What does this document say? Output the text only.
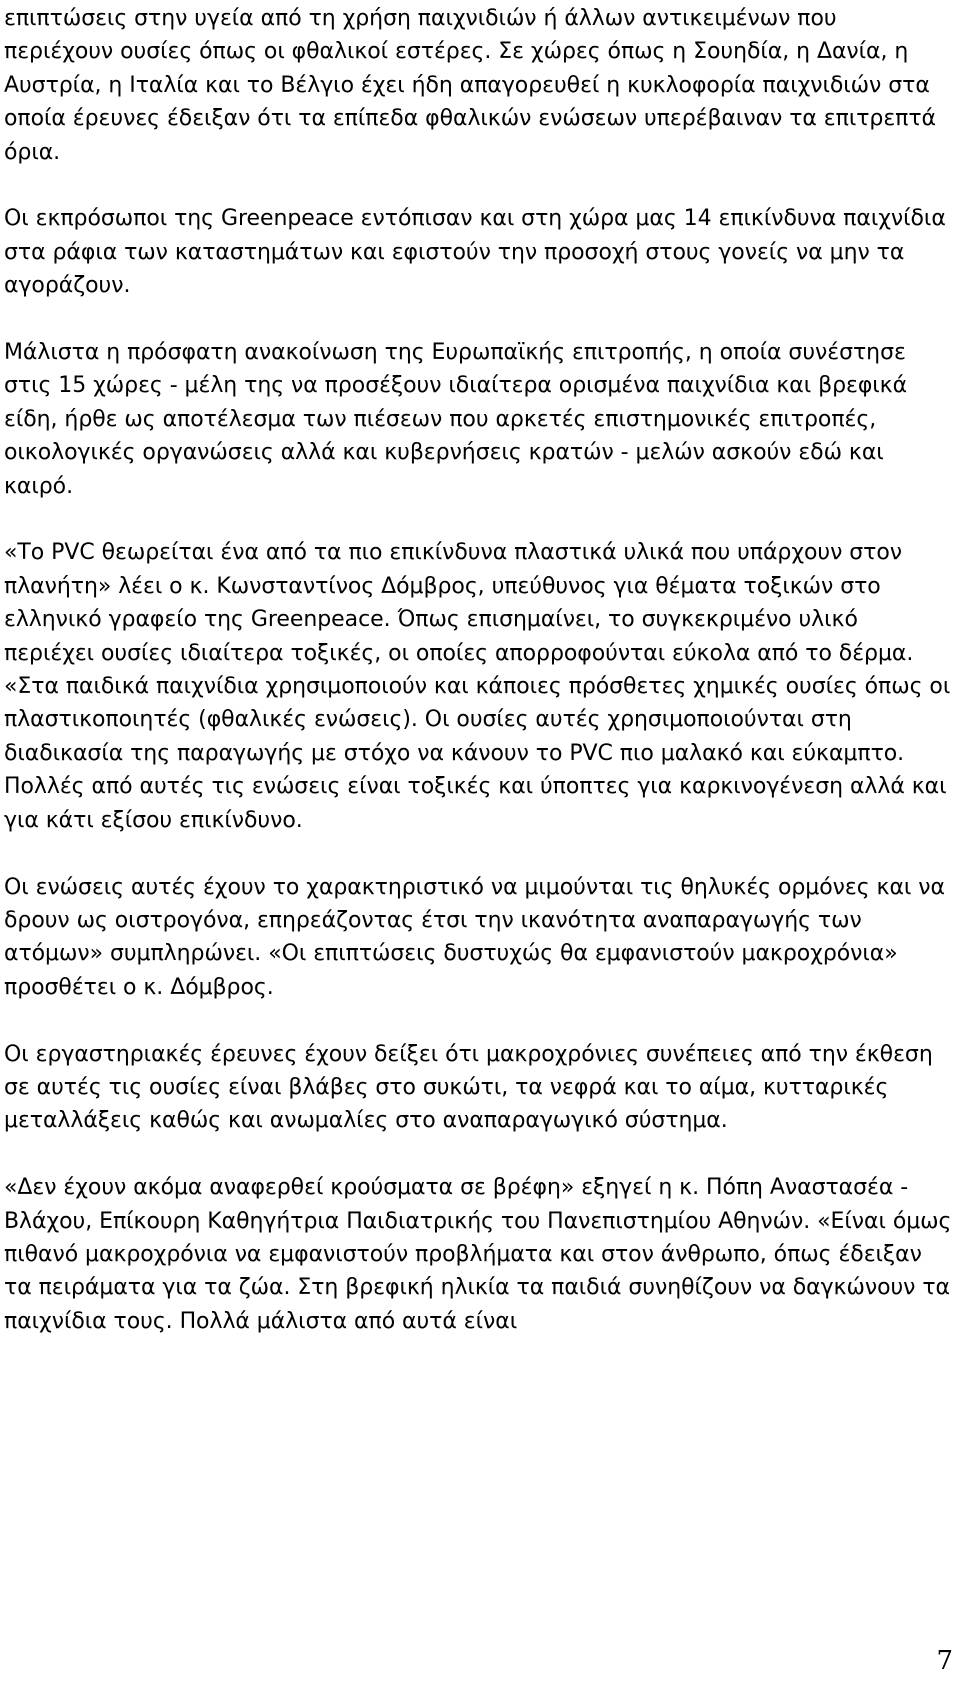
επιπτώσεις στην υγεία από τη χρήση παιχνιδιών ή άλλων αντικειμένων που περιέχουν ουσίες όπως οι φθαλικοί εστέρες. Σε χώρες όπως η Σουηδία, η Δανία, η Αυστρία, η Ιταλία και το Βέλγιο έχει ήδη απαγορευθεί η κυκλοφορία παιχνιδιών στα οποία έρευνες έδειξαν ότι τα επίπεδα φθαλικών ενώσεων υπερέβαιναν τα επιτρεπτά όρια.

Οι εκπρόσωποι της Greenpeace εντόπισαν και στη χώρα μας 14 επικίνδυνα παιχνίδια στα ράφια των καταστημάτων και εφιστούν την προσοχή στους γονείς να μην τα αγοράζουν.

Μάλιστα η πρόσφατη ανακοίνωση της Ευρωπαϊκής επιτροπής, η οποία συνέστησε στις 15 χώρες - μέλη της να προσέξουν ιδιαίτερα ορισμένα παιχνίδια και βρεφικά είδη, ήρθε ως αποτέλεσμα των πιέσεων που αρκετές επιστημονικές επιτροπές, οικολογικές οργανώσεις αλλά και κυβερνήσεις κρατών - μελών ασκούν εδώ και καιρό.

«Το PVC θεωρείται ένα από τα πιο επικίνδυνα πλαστικά υλικά που υπάρχουν στον πλανήτη» λέει ο κ. Κωνσταντίνος Δόμβρος, υπεύθυνος για θέματα τοξικών στο ελληνικό γραφείο της Greenpeace. Όπως επισημαίνει, το συγκεκριμένο υλικό περιέχει ουσίες ιδιαίτερα τοξικές, οι οποίες απορροφούνται εύκολα από το δέρμα. «Στα παιδικά παιχνίδια χρησιμοποιούν και κάποιες πρόσθετες χημικές ουσίες όπως οι πλαστικοποιητές (φθαλικές ενώσεις). Οι ουσίες αυτές χρησιμοποιούνται στη διαδικασία της παραγωγής με στόχο να κάνουν το PVC πιο μαλακό και εύκαμπτο. Πολλές από αυτές τις ενώσεις είναι τοξικές και ύποπτες για καρκινογένεση αλλά και για κάτι εξίσου επικίνδυνο.

Οι ενώσεις αυτές έχουν το χαρακτηριστικό να μιμούνται τις θηλυκές ορμόνες και να δρουν ως οιστρογόνα, επηρεάζοντας έτσι την ικανότητα αναπαραγωγής των ατόμων» συμπληρώνει. «Οι επιπτώσεις δυστυχώς θα εμφανιστούν μακροχρόνια» προσθέτει ο κ. Δόμβρος.

Οι εργαστηριακές έρευνες έχουν δείξει ότι μακροχρόνιες συνέπειες από την έκθεση σε αυτές τις ουσίες είναι βλάβες στο συκώτι, τα νεφρά και το αίμα, κυτταρικές μεταλλάξεις καθώς και ανωμαλίες στο αναπαραγωγικό σύστημα.

«Δεν έχουν ακόμα αναφερθεί κρούσματα σε βρέφη» εξηγεί η κ. Πόπη Αναστασέα - Βλάχου, Επίκουρη Καθηγήτρια Παιδιατρικής του Πανεπιστημίου Αθηνών. «Είναι όμως πιθανό μακροχρόνια να εμφανιστούν προβλήματα και στον άνθρωπο, όπως έδειξαν τα πειράματα για τα ζώα. Στη βρεφική ηλικία τα παιδιά συνηθίζουν να δαγκώνουν τα παιχνίδια τους. Πολλά μάλιστα από αυτά είναι

7
